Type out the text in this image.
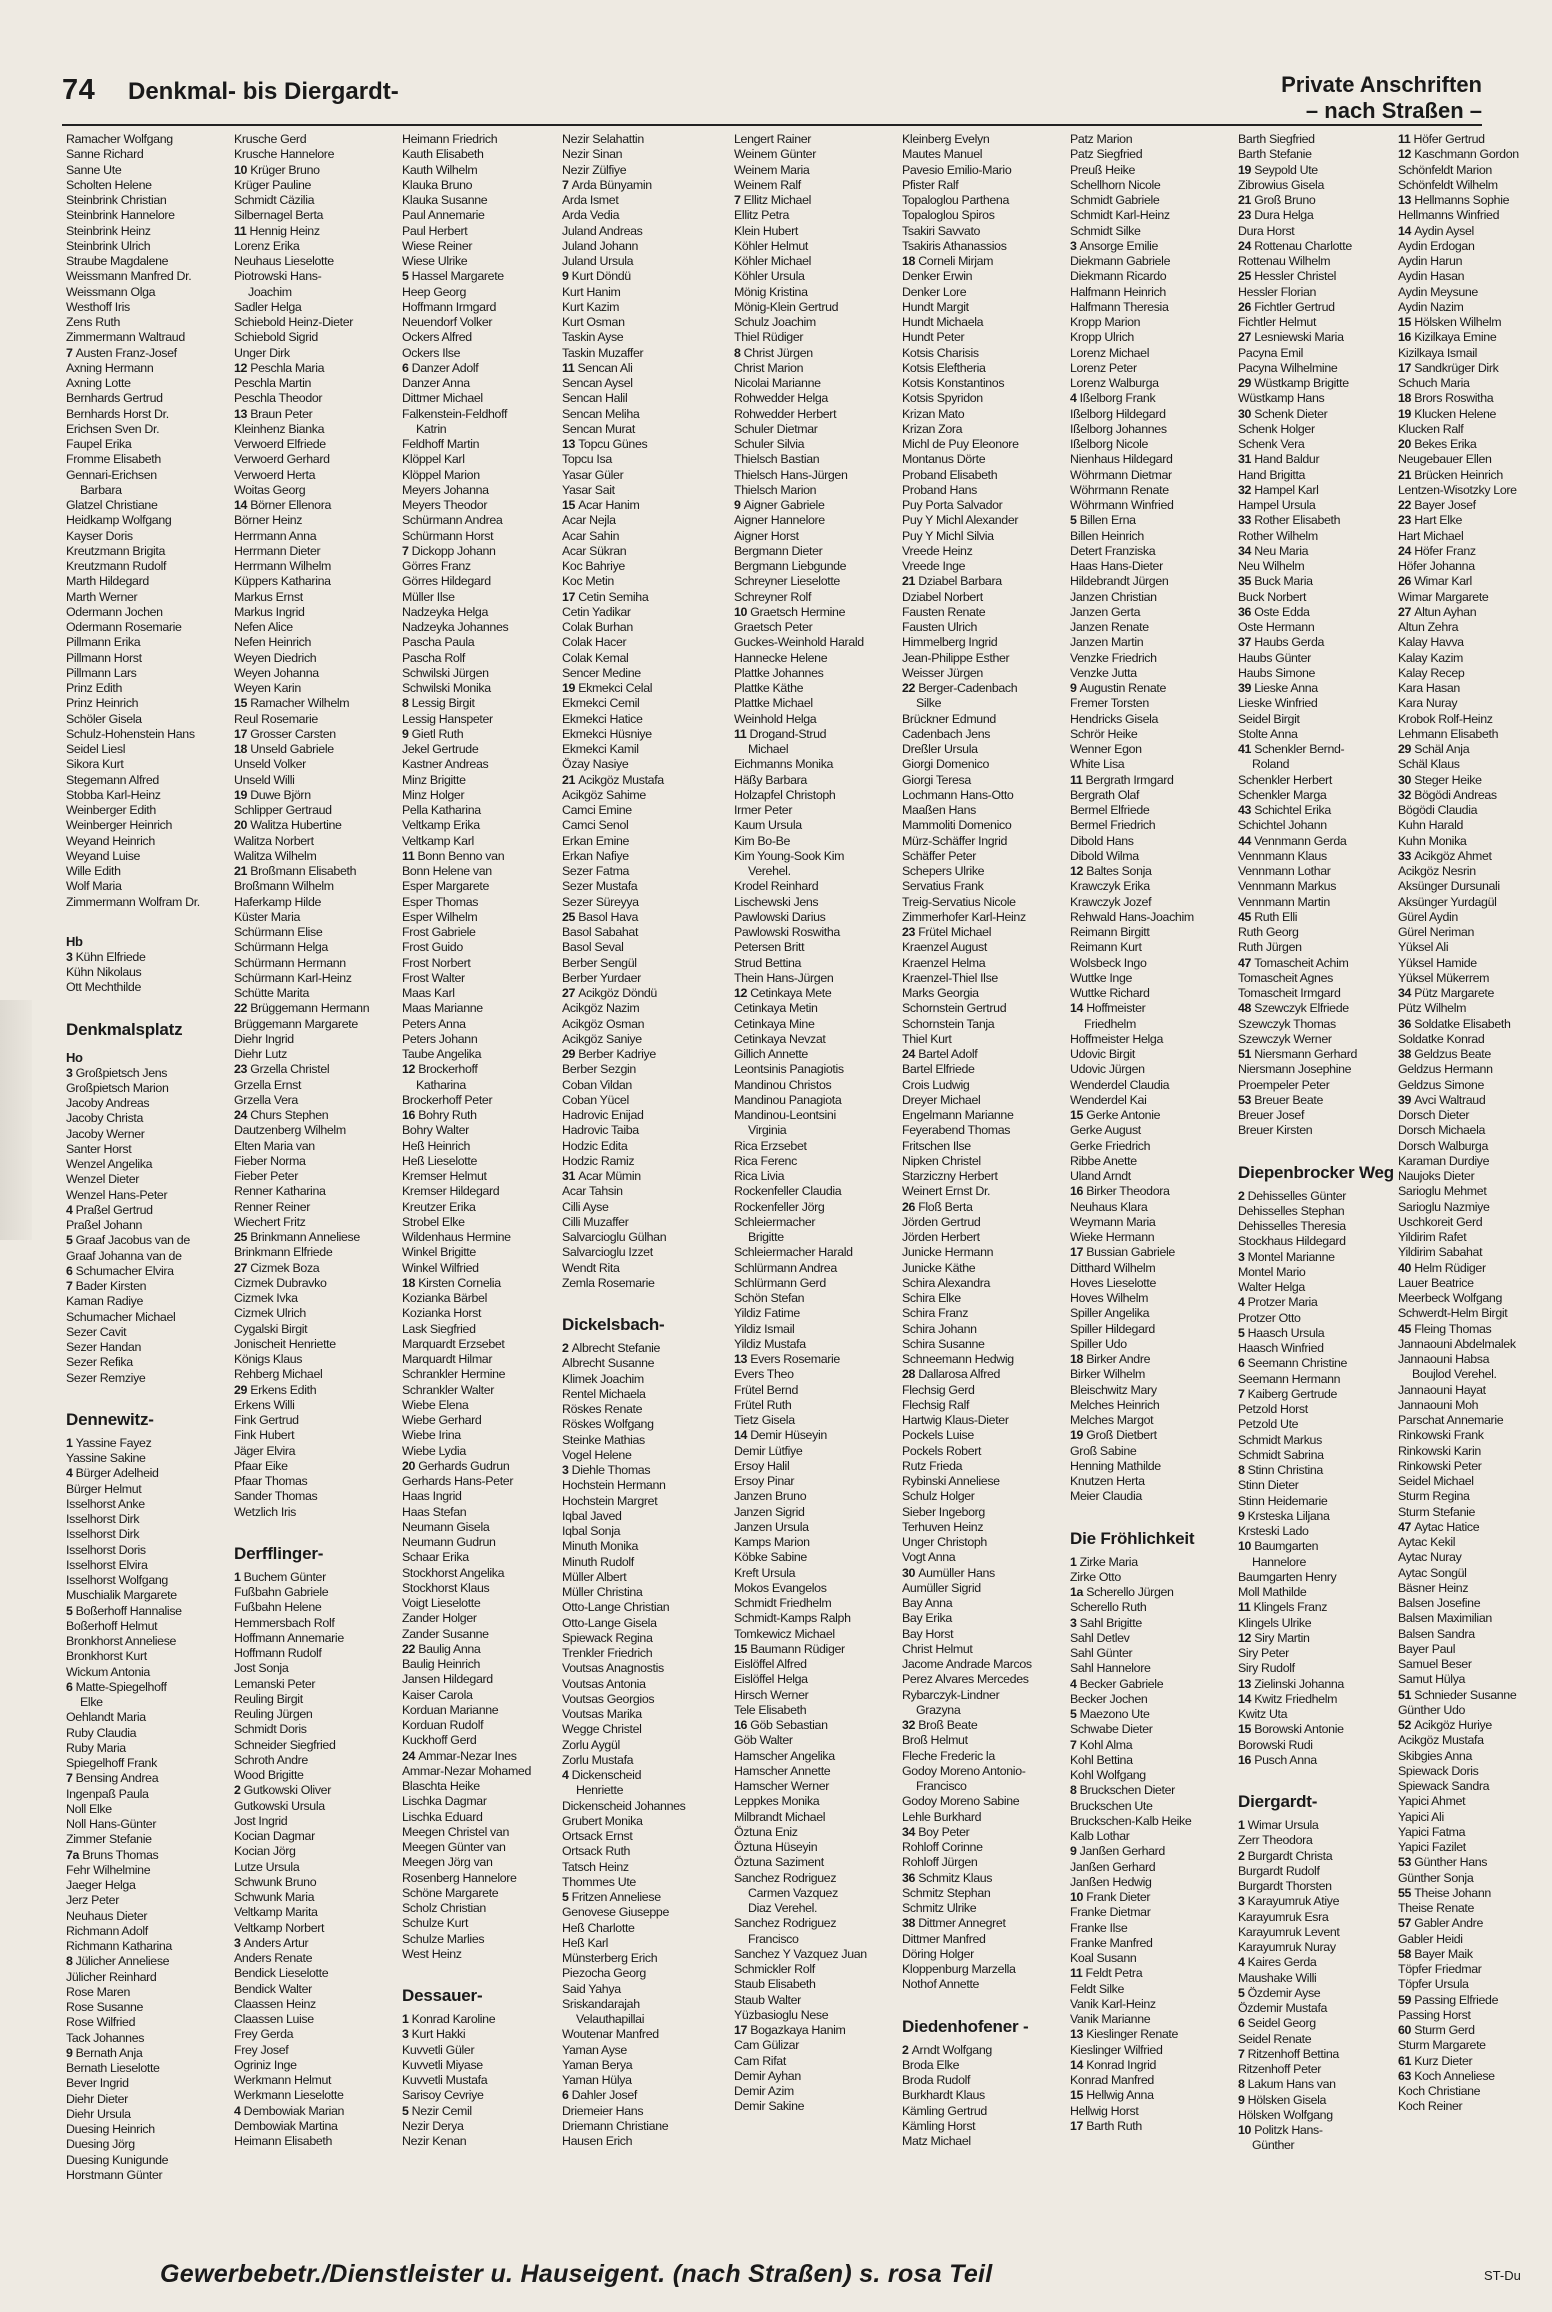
74 Denkmal- bis Diergardt-	Private Anschriften
– nach Straßen –
Ramacher Wolfgang
Sanne Richard
Sanne Ute
Scholten Helene
Steinbrink Christian
Steinbrink Hannelore
Steinbrink Heinz
Steinbrink Ulrich
Straube Magdalene
Weissmann Manfred Dr.
Weissmann Olga
Westhoff Iris
Zens Ruth
Zimmermann Waltraud
7 Austen Franz-Josef
Axning Hermann
Axning Lotte
Bernhards Gertrud
Bernhards Horst Dr.
Erichsen Sven Dr.
Faupel Erika
Fromme Elisabeth
Gennari-Erichsen
Barbara
Glatzel Christiane
Heidkamp Wolfgang
Kayser Doris
Kreutzmann Brigita
Kreutzmann Rudolf
Marth Hildegard
Marth Werner
Odermann Jochen
Odermann Rosemarie
Pillmann Erika
Pillmann Horst
Pillmann Lars
Prinz Edith
Prinz Heinrich
Schöler Gisela
Schulz-Hohenstein Hans
Seidel Liesl
Sikora Kurt
Stegemann Alfred
Stobba Karl-Heinz
Weinberger Edith
Weinberger Heinrich
Weyand Heinrich
Weyand Luise
Wille Edith
Wolf Maria
Zimmermann Wolfram Dr.
Hb
3 Kühn Elfriede
Kühn Nikolaus
Ott Mechthilde
Denkmalsplatz
Ho
3 Großpietsch Jens
Großpietsch Marion
Jacoby Andreas
Jacoby Christa
Jacoby Werner
Santer Horst
Wenzel Angelika
Wenzel Dieter
Wenzel Hans-Peter
4 Praßel Gertrud
Praßel Johann
5 Graaf Jacobus van de
Graaf Johanna van de
6 Schumacher Elvira
7 Bader Kirsten
Kaman Radiye
Schumacher Michael
Sezer Cavit
Sezer Handan
Sezer Refika
Sezer Remziye
Dennewitz-
1 Yassine Fayez
Yassine Sakine
4 Bürger Adelheid
Bürger Helmut
Isselhorst Anke
Isselhorst Dirk
Isselhorst Dirk
Isselhorst Doris
Isselhorst Elvira
Isselhorst Wolfgang
Muschialik Margarete
5 Boßerhoff Hannalise
Boßerhoff Helmut
Bronkhorst Anneliese
Bronkhorst Kurt
Wickum Antonia
6 Matte-Spiegelhoff
Elke
Oehlandt Maria
Ruby Claudia
Ruby Maria
Spiegelhoff Frank
7 Bensing Andrea
Ingenpaß Paula
Noll Elke
Noll Hans-Günter
Zimmer Stefanie
7a Bruns Thomas
Fehr Wilhelmine
Jaeger Helga
Jerz Peter
Neuhaus Dieter
Richmann Adolf
Richmann Katharina
8 Jülicher Anneliese
Jülicher Reinhard
Rose Maren
Rose Susanne
Rose Wilfried
Tack Johannes
9 Bernath Anja
Bernath Lieselotte
Bever Ingrid
Diehr Dieter
Diehr Ursula
Duesing Heinrich
Duesing Jörg
Duesing Kunigunde
Horstmann Günter
Krusche Gerd
Krusche Hannelore
10 Krüger Bruno
Krüger Pauline
Schmidt Cäzilia
Silbernagel Berta
11 Hennig Heinz
Lorenz Erika
Neuhaus Lieselotte
Piotrowski Hans-
Joachim
Sadler Helga
Schiebold Heinz-Dieter
Schiebold Sigrid
Unger Dirk
12 Peschla Maria
Peschla Martin
Peschla Theodor
13 Braun Peter
Kleinhenz Bianka
Verwoerd Elfriede
Verwoerd Gerhard
Verwoerd Herta
Woitas Georg
14 Börner Ellenora
Börner Heinz
Herrmann Anna
Herrmann Dieter
Herrmann Wilhelm
Küppers Katharina
Markus Ernst
Markus Ingrid
Nefen Alice
Nefen Heinrich
Weyen Diedrich
Weyen Johanna
Weyen Karin
15 Ramacher Wilhelm
Reul Rosemarie
17 Grosser Carsten
18 Unseld Gabriele
Unseld Volker
Unseld Willi
19 Duwe Björn
Schlipper Gertraud
20 Walitza Hubertine
Walitza Norbert
Walitza Wilhelm
21 Broßmann Elisabeth
Broßmann Wilhelm
Haferkamp Hilde
Küster Maria
Schürmann Elise
Schürmann Helga
Schürmann Hermann
Schürmann Karl-Heinz
Schütte Marita
22 Brüggemann Hermann
Brüggemann Margarete
Diehr Ingrid
Diehr Lutz
23 Grzella Christel
Grzella Ernst
Grzella Vera
24 Churs Stephen
Dautzenberg Wilhelm
Elten Maria van
Fieber Norma
Fieber Peter
Renner Katharina
Renner Reiner
Wiechert Fritz
25 Brinkmann Anneliese
Brinkmann Elfriede
27 Cizmek Boza
Cizmek Dubravko
Cizmek Ivka
Cizmek Ulrich
Cygalski Birgit
Jonischeit Henriette
Königs Klaus
Rehberg Michael
29 Erkens Edith
Erkens Willi
Fink Gertrud
Fink Hubert
Jäger Elvira
Pfaar Eike
Pfaar Thomas
Sander Thomas
Wetzlich Iris
Derfflinger-
1 Buchem Günter
Fußbahn Gabriele
Fußbahn Helene
Hemmersbach Rolf
Hoffmann Annemarie
Hoffmann Rudolf
Jost Sonja
Lemanski Peter
Reuling Birgit
Reuling Jürgen
Schmidt Doris
Schneider Siegfried
Schroth Andre
Wood Brigitte
2 Gutkowski Oliver
Gutkowski Ursula
Jost Ingrid
Kocian Dagmar
Kocian Jörg
Lutze Ursula
Schwunk Bruno
Schwunk Maria
Veltkamp Marita
Veltkamp Norbert
3 Anders Artur
Anders Renate
Bendick Lieselotte
Bendick Walter
Claassen Heinz
Claassen Luise
Frey Gerda
Frey Josef
Ogriniz Inge
Werkmann Helmut
Werkmann Lieselotte
4 Dembowiak Marian
Dembowiak Martina
Heimann Elisabeth
Heimann Friedrich
Kauth Elisabeth
Kauth Wilhelm
Klauka Bruno
Klauka Susanne
Paul Annemarie
Paul Herbert
Wiese Reiner
Wiese Ulrike
5 Hassel Margarete
Heep Georg
Hoffmann Irmgard
Neuendorf Volker
Ockers Alfred
Ockers Ilse
6 Danzer Adolf
Danzer Anna
Dittmer Michael
Falkenstein-Feldhoff
Katrin
Feldhoff Martin
Klöppel Karl
Klöppel Marion
Meyers Johanna
Meyers Theodor
Schürmann Andrea
Schürmann Horst
7 Dickopp Johann
Görres Franz
Görres Hildegard
Müller Ilse
Nadzeyka Helga
Nadzeyka Johannes
Pascha Paula
Pascha Rolf
Schwilski Jürgen
Schwilski Monika
8 Lessig Birgit
Lessig Hanspeter
9 Gietl Ruth
Jekel Gertrude
Kastner Andreas
Minz Brigitte
Minz Holger
Pella Katharina
Veltkamp Erika
Veltkamp Karl
11 Bonn Benno van
Bonn Helene van
Esper Margarete
Esper Thomas
Esper Wilhelm
Frost Gabriele
Frost Guido
Frost Norbert
Frost Walter
Maas Karl
Maas Marianne
Peters Anna
Peters Johann
Taube Angelika
12 Brockerhoff
Katharina
Brockerhoff Peter
16 Bohry Ruth
Bohry Walter
Heß Heinrich
Heß Lieselotte
Kremser Helmut
Kremser Hildegard
Kreutzer Erika
Strobel Elke
Wildenhaus Hermine
Winkel Brigitte
Winkel Wilfried
18 Kirsten Cornelia
Kozianka Bärbel
Kozianka Horst
Lask Siegfried
Marquardt Erzsebet
Marquardt Hilmar
Schrankler Hermine
Schrankler Walter
Wiebe Elena
Wiebe Gerhard
Wiebe Irina
Wiebe Lydia
20 Gerhards Gudrun
Gerhards Hans-Peter
Haas Ingrid
Haas Stefan
Neumann Gisela
Neumann Gudrun
Schaar Erika
Stockhorst Angelika
Stockhorst Klaus
Voigt Lieselotte
Zander Holger
Zander Susanne
22 Baulig Anna
Baulig Heinrich
Jansen Hildegard
Kaiser Carola
Korduan Marianne
Korduan Rudolf
Kuckhoff Gerd
24 Ammar-Nezar Ines
Ammar-Nezar Mohamed
Blaschta Heike
Lischka Dagmar
Lischka Eduard
Meegen Christel van
Meegen Günter van
Meegen Jörg van
Rosenberg Hannelore
Schöne Margarete
Scholz Christian
Schulze Kurt
Schulze Marlies
West Heinz
Dessauer-
1 Konrad Karoline
3 Kurt Hakki
Kuvvetli Güler
Kuvvetli Miyase
Kuvvetli Mustafa
Sarisoy Cevriye
5 Nezir Cemil
Nezir Derya
Nezir Kenan
Nezir Selahattin
Nezir Sinan
Nezir Zülfiye
7 Arda Bünyamin
Arda Ismet
Arda Vedia
Juland Andreas
Juland Johann
Juland Ursula
9 Kurt Döndü
Kurt Hanim
Kurt Kazim
Kurt Osman
Taskin Ayse
Taskin Muzaffer
11 Sencan Ali
Sencan Aysel
Sencan Halil
Sencan Meliha
Sencan Murat
13 Topcu Günes
Topcu Isa
Yasar Güler
Yasar Sait
15 Acar Hanim
Acar Nejla
Acar Sahin
Acar Sükran
Koc Bahriye
Koc Metin
17 Cetin Semiha
Cetin Yadikar
Colak Burhan
Colak Hacer
Colak Kemal
Sencer Medine
19 Ekmekci Celal
Ekmekci Cemil
Ekmekci Hatice
Ekmekci Hüsniye
Ekmekci Kamil
Özay Nasiye
21 Acikgöz Mustafa
Acikgöz Sahime
Camci Emine
Camci Senol
Erkan Emine
Erkan Nafiye
Sezer Fatma
Sezer Mustafa
Sezer Süreyya
25 Basol Hava
Basol Sabahat
Basol Seval
Berber Sengül
Berber Yurdaer
27 Acikgöz Döndü
Acikgöz Nazim
Acikgöz Osman
Acikgöz Saniye
29 Berber Kadriye
Berber Sezgin
Coban Vildan
Coban Yücel
Hadrovic Enijad
Hadrovic Taiba
Hodzic Edita
Hodzic Ramiz
31 Acar Mümin
Acar Tahsin
Cilli Ayse
Cilli Muzaffer
Salvarcioglu Gülhan
Salvarcioglu Izzet
Wendt Rita
Zemla Rosemarie
Dickelsbach-
2 Albrecht Stefanie
Albrecht Susanne
Klimek Joachim
Rentel Michaela
Röskes Renate
Röskes Wolfgang
Steinke Mathias
Vogel Helene
3 Diehle Thomas
Hochstein Hermann
Hochstein Margret
Iqbal Javed
Iqbal Sonja
Minuth Monika
Minuth Rudolf
Müller Albert
Müller Christina
Otto-Lange Christian
Otto-Lange Gisela
Spiewack Regina
Trenkler Friedrich
Voutsas Anagnostis
Voutsas Antonia
Voutsas Georgios
Voutsas Marika
Wegge Christel
Zorlu Aygül
Zorlu Mustafa
4 Dickenscheid
Henriette
Dickenscheid Johannes
Grubert Monika
Ortsack Ernst
Ortsack Ruth
Tatsch Heinz
Thommes Ute
5 Fritzen Anneliese
Genovese Giuseppe
Heß Charlotte
Heß Karl
Münsterberg Erich
Piezocha Georg
Said Yahya
Sriskandarajah
Velauthapillai
Woutenar Manfred
Yaman Ayse
Yaman Berya
Yaman Hülya
6 Dahler Josef
Driemeier Hans
Driemann Christiane
Hausen Erich
Lengert Rainer
Weinem Günter
Weinem Maria
Weinem Ralf
7 Ellitz Michael
Ellitz Petra
Klein Hubert
Köhler Helmut
Köhler Michael
Köhler Ursula
Mönig Kristina
Mönig-Klein Gertrud
Schulz Joachim
Thiel Rüdiger
8 Christ Jürgen
Christ Marion
Nicolai Marianne
Rohwedder Helga
Rohwedder Herbert
Schuler Dietmar
Schuler Silvia
Thielsch Bastian
Thielsch Hans-Jürgen
Thielsch Marion
9 Aigner Gabriele
Aigner Hannelore
Aigner Horst
Bergmann Dieter
Bergmann Liebgunde
Schreyner Lieselotte
Schreyner Rolf
10 Graetsch Hermine
Graetsch Peter
Guckes-Weinhold Harald
Hannecke Helene
Plattke Johannes
Plattke Käthe
Plattke Michael
Weinhold Helga
11 Drogand-Strud
Michael
Eichmanns Monika
Häßy Barbara
Holzapfel Christoph
Irmer Peter
Kaum Ursula
Kim Bo-Be
Kim Young-Sook Kim
Verehel.
Krodel Reinhard
Lischewski Jens
Pawlowski Darius
Pawlowski Roswitha
Petersen Britt
Strud Bettina
Thein Hans-Jürgen
12 Cetinkaya Mete
Cetinkaya Metin
Cetinkaya Mine
Cetinkaya Nevzat
Gillich Annette
Leontsinis Panagiotis
Mandinou Christos
Mandinou Panagiota
Mandinou-Leontsini
Virginia
Rica Erzsebet
Rica Ferenc
Rica Livia
Rockenfeller Claudia
Rockenfeller Jörg
Schleiermacher
Brigitte
Schleiermacher Harald
Schlürmann Andrea
Schlürmann Gerd
Schön Stefan
Yildiz Fatime
Yildiz Ismail
Yildiz Mustafa
13 Evers Rosemarie
Evers Theo
Frütel Bernd
Frütel Ruth
Tietz Gisela
14 Demir Hüseyin
Demir Lütfiye
Ersoy Halil
Ersoy Pinar
Janzen Bruno
Janzen Sigrid
Janzen Ursula
Kamps Marion
Köbke Sabine
Kreft Ursula
Mokos Evangelos
Schmidt Friedhelm
Schmidt-Kamps Ralph
Tomkewicz Michael
15 Baumann Rüdiger
Eislöffel Alfred
Eislöffel Helga
Hirsch Werner
Tele Elisabeth
16 Göb Sebastian
Göb Walter
Hamscher Angelika
Hamscher Annette
Hamscher Werner
Leppkes Monika
Milbrandt Michael
Öztuna Eniz
Öztuna Hüseyin
Öztuna Saziment
Sanchez Rodriguez
Carmen Vazquez
Diaz Verehel.
Sanchez Rodriguez
Francisco
Sanchez Y Vazquez Juan
Schmickler Rolf
Staub Elisabeth
Staub Walter
Yüzbasioglu Nese
17 Bogazkaya Hanim
Cam Gülizar
Cam Rifat
Demir Ayhan
Demir Azim
Demir Sakine
Kleinberg Evelyn
Mautes Manuel
Pavesio Emilio-Mario
Pfister Ralf
Topaloglou Parthena
Topaloglou Spiros
Tsakiri Savvato
Tsakiris Athanassios
18 Corneli Mirjam
Denker Erwin
Denker Lore
Hundt Margit
Hundt Michaela
Hundt Peter
Kotsis Charisis
Kotsis Eleftheria
Kotsis Konstantinos
Kotsis Spyridon
Krizan Mato
Krizan Zora
Michl de Puy Eleonore
Montanus Dörte
Proband Elisabeth
Proband Hans
Puy Porta Salvador
Puy Y Michl Alexander
Puy Y Michl Silvia
Vreede Heinz
Vreede Inge
21 Dziabel Barbara
Dziabel Norbert
Fausten Renate
Fausten Ulrich
Himmelberg Ingrid
Jean-Philippe Esther
Weisser Jürgen
22 Berger-Cadenbach
Silke
Brückner Edmund
Cadenbach Jens
Dreßler Ursula
Giorgi Domenico
Giorgi Teresa
Lochmann Hans-Otto
Maaßen Hans
Mammoliti Domenico
Mürz-Schäffer Ingrid
Schäffer Peter
Schepers Ulrike
Servatius Frank
Treig-Servatius Nicole
Zimmerhofer Karl-Heinz
23 Frütel Michael
Kraenzel August
Kraenzel Helma
Kraenzel-Thiel Ilse
Marks Georgia
Schornstein Gertrud
Schornstein Tanja
Thiel Kurt
24 Bartel Adolf
Bartel Elfriede
Crois Ludwig
Dreyer Michael
Engelmann Marianne
Feyerabend Thomas
Fritschen Ilse
Nipken Christel
Starziczny Herbert
Weinert Ernst Dr.
26 Floß Berta
Jörden Gertrud
Jörden Herbert
Junicke Hermann
Junicke Käthe
Schira Alexandra
Schira Elke
Schira Franz
Schira Johann
Schira Susanne
Schneemann Hedwig
28 Dallarosa Alfred
Flechsig Gerd
Flechsig Ralf
Hartwig Klaus-Dieter
Pockels Luise
Pockels Robert
Rutz Frieda
Rybinski Anneliese
Schulz Holger
Sieber Ingeborg
Terhuven Heinz
Unger Christoph
Vogt Anna
30 Aumüller Hans
Aumüller Sigrid
Bay Anna
Bay Erika
Bay Horst
Christ Helmut
Jacome Andrade Marcos
Perez Alvares Mercedes
Rybarczyk-Lindner
Grazyna
32 Broß Beate
Broß Helmut
Fleche Frederic la
Godoy Moreno Antonio-
Francisco
Godoy Moreno Sabine
Lehle Burkhard
34 Boy Peter
Rohloff Corinne
Rohloff Jürgen
36 Schmitz Klaus
Schmitz Stephan
Schmitz Ulrike
38 Dittmer Annegret
Dittmer Manfred
Döring Holger
Kloppenburg Marzella
Nothof Annette
Diedenhofener -
2 Arndt Wolfgang
Broda Elke
Broda Rudolf
Burkhardt Klaus
Kämling Gertrud
Kämling Horst
Matz Michael
Patz Marion
Patz Siegfried
Preuß Heike
Schellhorn Nicole
Schmidt Gabriele
Schmidt Karl-Heinz
Schmidt Silke
3 Ansorge Emilie
Diekmann Gabriele
Diekmann Ricardo
Halfmann Heinrich
Halfmann Theresia
Kropp Marion
Kropp Ulrich
Lorenz Michael
Lorenz Peter
Lorenz Walburga
4 Ißelborg Frank
Ißelborg Hildegard
Ißelborg Johannes
Ißelborg Nicole
Nienhaus Hildegard
Wöhrmann Dietmar
Wöhrmann Renate
Wöhrmann Winfried
5 Billen Erna
Billen Heinrich
Detert Franziska
Haas Hans-Dieter
Hildebrandt Jürgen
Janzen Christian
Janzen Gerta
Janzen Renate
Janzen Martin
Venzke Friedrich
Venzke Jutta
9 Augustin Renate
Fremer Torsten
Hendricks Gisela
Schrör Heike
Wenner Egon
White Lisa
11 Bergrath Irmgard
Bergrath Olaf
Bermel Elfriede
Bermel Friedrich
Dibold Hans
Dibold Wilma
12 Baltes Sonja
Krawczyk Erika
Krawczyk Jozef
Rehwald Hans-Joachim
Reimann Birgitt
Reimann Kurt
Wolsbeck Ingo
Wuttke Inge
Wuttke Richard
14 Hoffmeister
Friedhelm
Hoffmeister Helga
Udovic Birgit
Udovic Jürgen
Wenderdel Claudia
Wenderdel Kai
15 Gerke Antonie
Gerke August
Gerke Friedrich
Ribbe Anette
Uland Arndt
16 Birker Theodora
Neuhaus Klara
Weymann Maria
Wieke Hermann
17 Bussian Gabriele
Ditthard Wilhelm
Hoves Lieselotte
Hoves Wilhelm
Spiller Angelika
Spiller Hildegard
Spiller Udo
18 Birker Andre
Birker Wilhelm
Bleischwitz Mary
Melches Heinrich
Melches Margot
19 Groß Dietbert
Groß Sabine
Henning Mathilde
Knutzen Herta
Meier Claudia
Die Fröhlichkeit
1 Zirke Maria
Zirke Otto
1a Scherello Jürgen
Scherello Ruth
3 Sahl Brigitte
Sahl Detlev
Sahl Günter
Sahl Hannelore
4 Becker Gabriele
Becker Jochen
5 Maezono Ute
Schwabe Dieter
7 Kohl Alma
Kohl Bettina
Kohl Wolfgang
8 Bruckschen Dieter
Bruckschen Ute
Bruckschen-Kalb Heike
Kalb Lothar
9 Janßen Gerhard
Janßen Gerhard
Janßen Hedwig
10 Frank Dieter
Franke Dietmar
Franke Ilse
Franke Manfred
Koal Susann
11 Feldt Petra
Feldt Silke
Vanik Karl-Heinz
Vanik Marianne
13 Kieslinger Renate
Kieslinger Wilfried
14 Konrad Ingrid
Konrad Manfred
15 Hellwig Anna
Hellwig Horst
17 Barth Ruth
Barth Siegfried
Barth Stefanie
19 Seypold Ute
Zibrowius Gisela
21 Groß Bruno
23 Dura Helga
Dura Horst
24 Rottenau Charlotte
Rottenau Wilhelm
25 Hessler Christel
Hessler Florian
26 Fichtler Gertrud
Fichtler Helmut
27 Lesniewski Maria
Pacyna Emil
Pacyna Wilhelmine
29 Wüstkamp Brigitte
Wüstkamp Hans
30 Schenk Dieter
Schenk Holger
Schenk Vera
31 Hand Baldur
Hand Brigitta
32 Hampel Karl
Hampel Ursula
33 Rother Elisabeth
Rother Wilhelm
34 Neu Maria
Neu Wilhelm
35 Buck Maria
Buck Norbert
36 Oste Edda
Oste Hermann
37 Haubs Gerda
Haubs Günter
Haubs Simone
39 Lieske Anna
Lieske Winfried
Seidel Birgit
Stolte Anna
41 Schenkler Bernd-
Roland
Schenkler Herbert
Schenkler Marga
43 Schichtel Erika
Schichtel Johann
44 Vennmann Gerda
Vennmann Klaus
Vennmann Lothar
Vennmann Markus
Vennmann Martin
45 Ruth Elli
Ruth Georg
Ruth Jürgen
47 Tomascheit Achim
Tomascheit Agnes
Tomascheit Irmgard
48 Szewczyk Elfriede
Szewczyk Thomas
Szewczyk Werner
51 Niersmann Gerhard
Niersmann Josephine
Proempeler Peter
53 Breuer Beate
Breuer Josef
Breuer Kirsten
Diepenbrocker Weg
2 Dehisselles Günter
Dehisselles Stephan
Dehisselles Theresia
Stockhaus Hildegard
3 Montel Marianne
Montel Mario
Walter Helga
4 Protzer Maria
Protzer Otto
5 Haasch Ursula
Haasch Winfried
6 Seemann Christine
Seemann Hermann
7 Kaiberg Gertrude
Petzold Horst
Petzold Ute
Schmidt Markus
Schmidt Sabrina
8 Stinn Christina
Stinn Dieter
Stinn Heidemarie
9 Krsteska Liljana
Krsteski Lado
10 Baumgarten
Hannelore
Baumgarten Henry
Moll Mathilde
11 Klingels Franz
Klingels Ulrike
12 Siry Martin
Siry Peter
Siry Rudolf
13 Zielinski Johanna
14 Kwitz Friedhelm
Kwitz Uta
15 Borowski Antonie
Borowski Rudi
16 Pusch Anna
Diergardt-
1 Wimar Ursula
Zerr Theodora
2 Burgardt Christa
Burgardt Rudolf
Burgardt Thorsten
3 Karayumruk Atiye
Karayumruk Esra
Karayumruk Levent
Karayumruk Nuray
4 Kaires Gerda
Maushake Willi
5 Özdemir Ayse
Özdemir Mustafa
6 Seidel Georg
Seidel Renate
7 Ritzenhoff Bettina
Ritzenhoff Peter
8 Lakum Hans van
9 Hölsken Gisela
Hölsken Wolfgang
10 Politzk Hans-
Günther
11 Höfer Gertrud
12 Kaschmann Gordon
Schönfeldt Marion
Schönfeldt Wilhelm
13 Hellmanns Sophie
Hellmanns Winfried
14 Aydin Aysel
Aydin Erdogan
Aydin Harun
Aydin Hasan
Aydin Meysune
Aydin Nazim
15 Hölsken Wilhelm
16 Kizilkaya Emine
Kizilkaya Ismail
17 Sandkrüger Dirk
Schuch Maria
18 Brors Roswitha
19 Klucken Helene
Klucken Ralf
20 Bekes Erika
Neugebauer Ellen
21 Brücken Heinrich
Lentzen-Wisotzky Lore
22 Bayer Josef
23 Hart Elke
Hart Michael
24 Höfer Franz
Höfer Johanna
26 Wimar Karl
Wimar Margarete
27 Altun Ayhan
Altun Zehra
Kalay Havva
Kalay Kazim
Kalay Recep
Kara Hasan
Kara Nuray
Krobok Rolf-Heinz
Lehmann Elisabeth
29 Schäl Anja
Schäl Klaus
30 Steger Heike
32 Bögödi Andreas
Bögödi Claudia
Kuhn Harald
Kuhn Monika
33 Acikgöz Ahmet
Acikgöz Nesrin
Aksünger Dursunali
Aksünger Yurdagül
Gürel Aydin
Gürel Neriman
Yüksel Ali
Yüksel Hamide
Yüksel Mükerrem
34 Pütz Margarete
Pütz Wilhelm
36 Soldatke Elisabeth
Soldatke Konrad
38 Geldzus Beate
Geldzus Hermann
Geldzus Simone
39 Avci Waltraud
Dorsch Dieter
Dorsch Michaela
Dorsch Walburga
Karaman Durdiye
Naujoks Dieter
Sarioglu Mehmet
Sarioglu Nazmiye
Uschkoreit Gerd
Yildirim Rafet
Yildirim Sabahat
40 Helm Rüdiger
Lauer Beatrice
Meerbeck Wolfgang
Schwerdt-Helm Birgit
45 Fleing Thomas
Jannaouni Abdelmalek
Jannaouni Habsa
Boujlod Verehel.
Jannaouni Hayat
Jannaouni Moh
Parschat Annemarie
Rinkowski Frank
Rinkowski Karin
Rinkowski Peter
Seidel Michael
Sturm Regina
Sturm Stefanie
47 Aytac Hatice
Aytac Kekil
Aytac Nuray
Aytac Songül
Bäsner Heinz
Balsen Josefine
Balsen Maximilian
Balsen Sandra
Bayer Paul
Samuel Beser
Samut Hülya
51 Schnieder Susanne
Günther Udo
52 Acikgöz Huriye
Acikgöz Mustafa
Skibgies Anna
Spiewack Doris
Spiewack Sandra
Yapici Ahmet
Yapici Ali
Yapici Fatma
Yapici Fazilet
53 Günther Hans
Günther Sonja
55 Theise Johann
Theise Renate
57 Gabler Andre
Gabler Heidi
58 Bayer Maik
Töpfer Friedmar
Töpfer Ursula
59 Passing Elfriede
Passing Horst
60 Sturm Gerd
Sturm Margarete
61 Kurz Dieter
63 Koch Anneliese
Koch Christiane
Koch Reiner
Gewerbebetr./Dienstleister u. Hauseigent. (nach Straßen) s. rosa Teil	ST-Du
